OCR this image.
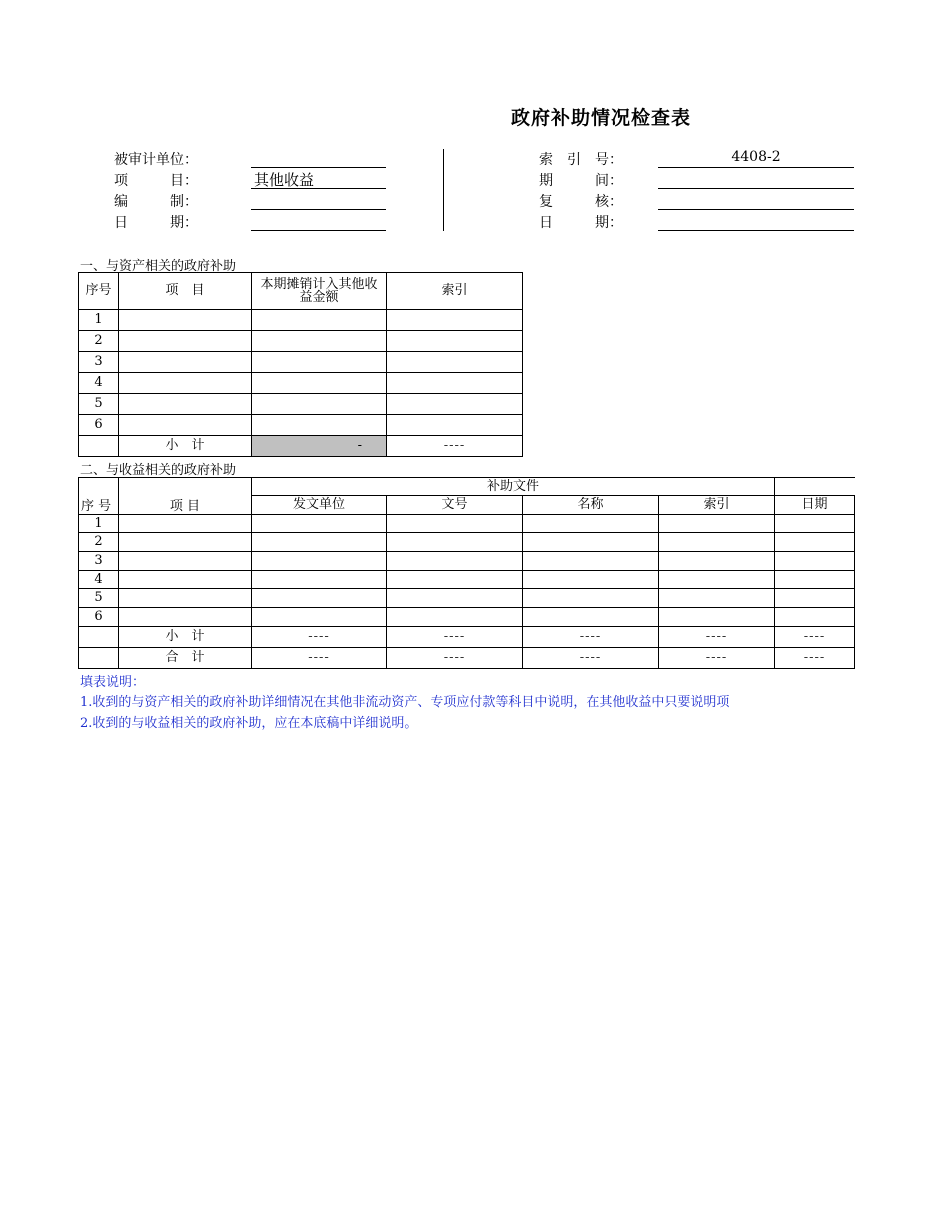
政府补助情况检查表
被审计单位：
项　　　目：	其他收益
编　　　制：
日　　　期：
索　引　号：	4408-2
期　　　间：
复　　　核：
日　　　期：
一、与资产相关的政府补助
序号	项　目	本期摊销计入其他收益金额	索引
1			
2			
3			
4			
5			
6			
	小　计	-	----
二、与收益相关的政府补助
序 号	项 目	补助文件				
		发文单位	文号	名称	索引	日期
1						
2						
3						
4						
5						
6						
	小　计	----	----	----	----	----
	合　计	----	----	----	----	----
填表说明：
1.收到的与资产相关的政府补助详细情况在其他非流动资产、专项应付款等科目中说明，在其他收益中只要说明项
2.收到的与收益相关的政府补助，应在本底稿中详细说明。
